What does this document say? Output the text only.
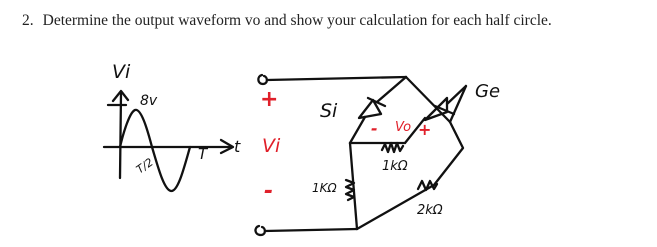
2. Determine the output waveform vo and show your calculation for each half circle.
Vi
t
8v
T/2
T
+
Vi
-
Si
Ge
Vo
-	+
1kΩ
1KΩ
2kΩ
